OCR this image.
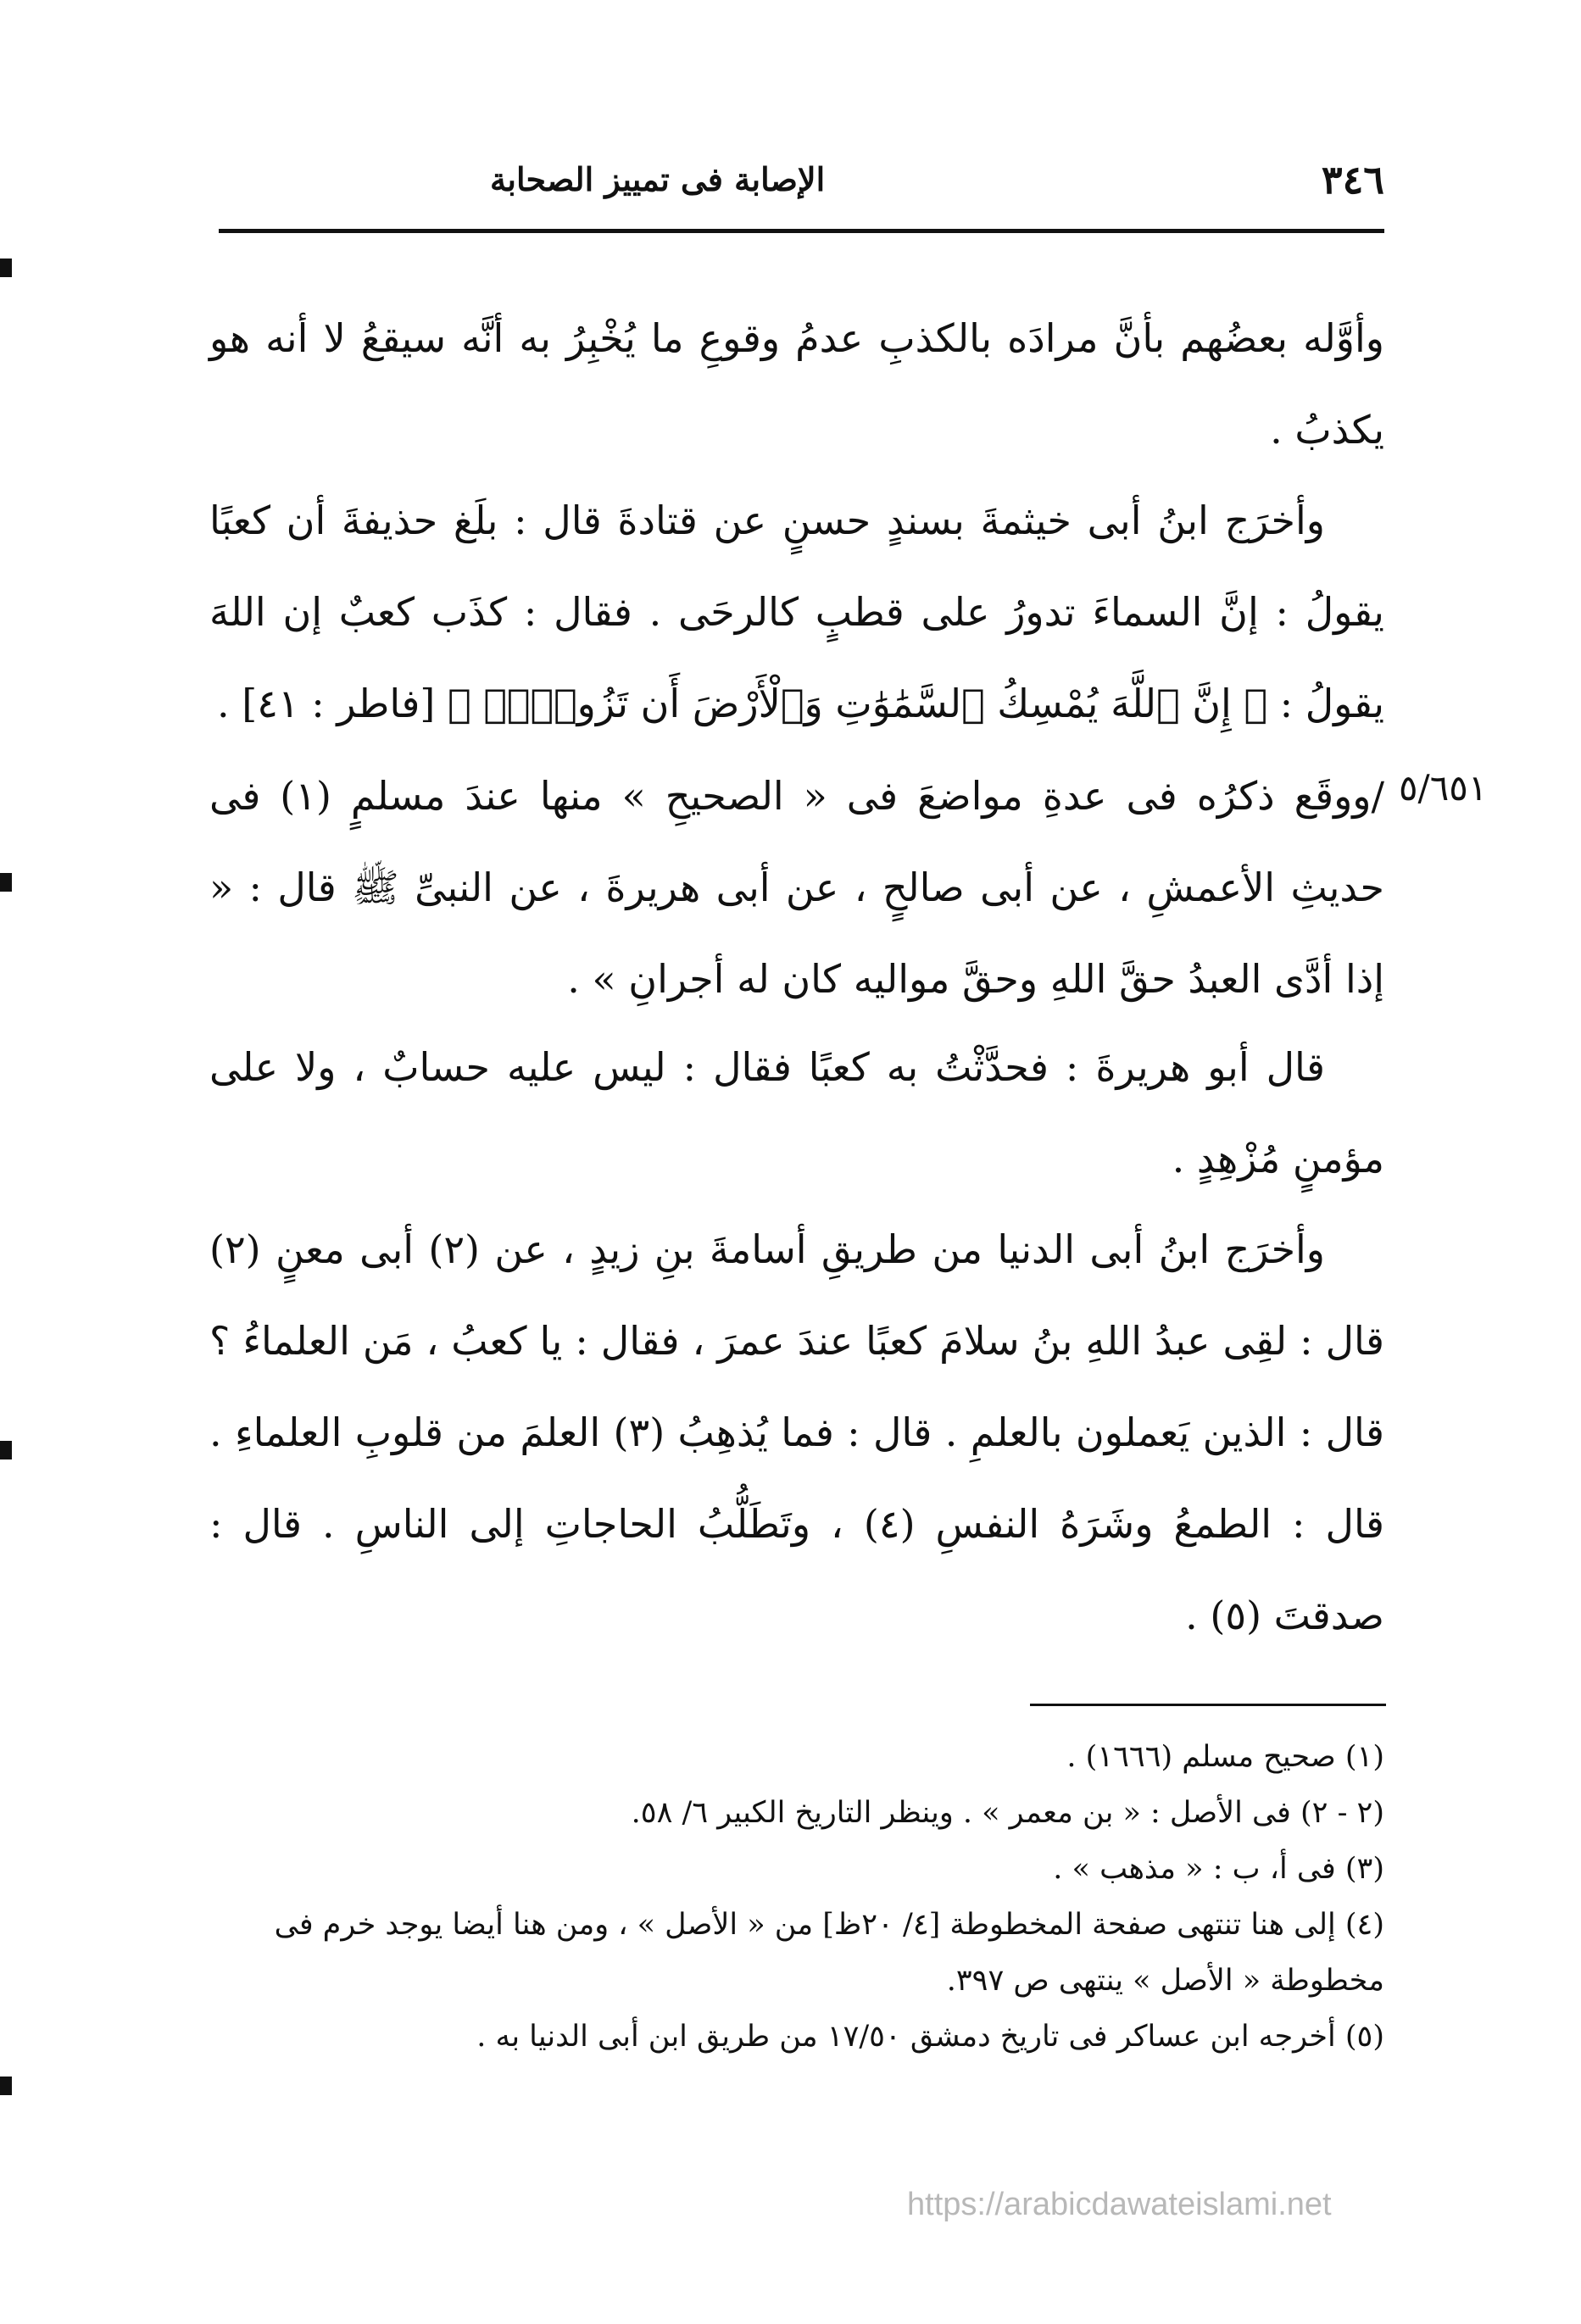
٣٤٦
الإصابة فى تمييز الصحابة
٥/٦٥١

وأوَّله بعضُهم بأنَّ مرادَه بالكذبِ عدمُ وقوعِ ما يُخْبِرُ به أنَّه سيقعُ لا أنه هو يكذبُ .

وأخرَج ابنُ أبى خيثمةَ بسندٍ حسنٍ عن قتادةَ قال : بلَغ حذيفةَ أن كعبًا يقولُ : إنَّ السماءَ تدورُ على قطبٍ كالرحَى . فقال : كذَب كعبٌ إن اللهَ يقولُ : ﴿ إِنَّ ٱللَّهَ يُمْسِكُ ٱلسَّمَٰوَٰتِ وَٱلْأَرْضَ أَن تَزُولَاۚ ﴾ [فاطر : ٤١] .

/ووقَع ذكرُه فى عدةِ مواضعَ فى « الصحيحِ » منها عندَ مسلمٍ (١) فى حديثِ الأعمشِ ، عن أبى صالحٍ ، عن أبى هريرةَ ، عن النبىِّ ﷺ قال : « إذا أدَّى العبدُ حقَّ اللهِ وحقَّ مواليه كان له أجرانِ » .

قال أبو هريرةَ : فحدَّثْتُ به كعبًا فقال : ليس عليه حسابٌ ، ولا على مؤمنٍ مُزْهِدٍ .

وأخرَج ابنُ أبى الدنيا من طريقِ أسامةَ بنِ زيدٍ ، عن (٢) أبى معنٍ (٢) قال : لقِى عبدُ اللهِ بنُ سلامَ كعبًا عندَ عمرَ ، فقال : يا كعبُ ، مَن العلماءُ ؟ قال : الذين يَعملون بالعلمِ . قال : فما يُذهِبُ (٣) العلمَ من قلوبِ العلماءِ . قال : الطمعُ وشَرَهُ النفسِ (٤) ، وتَطَلُّبُ الحاجاتِ إلى الناسِ . قال : صدقتَ (٥) .

(١) صحيح مسلم (١٦٦٦) .

(٢ - ٢) فى الأصل : « بن معمر » . وينظر التاريخ الكبير ٦/ ٥٨.

(٣) فى أ، ب : « مذهب » .

(٤) إلى هنا تنتهى صفحة المخطوطة [٤/ ٢٠ظ] من « الأصل » ، ومن هنا أيضا يوجد خرم فى مخطوطة « الأصل » ينتهى ص ٣٩٧.

(٥) أخرجه ابن عساكر فى تاريخ دمشق ١٧/٥٠ من طريق ابن أبى الدنيا به .

https://arabicdawateislami.net
